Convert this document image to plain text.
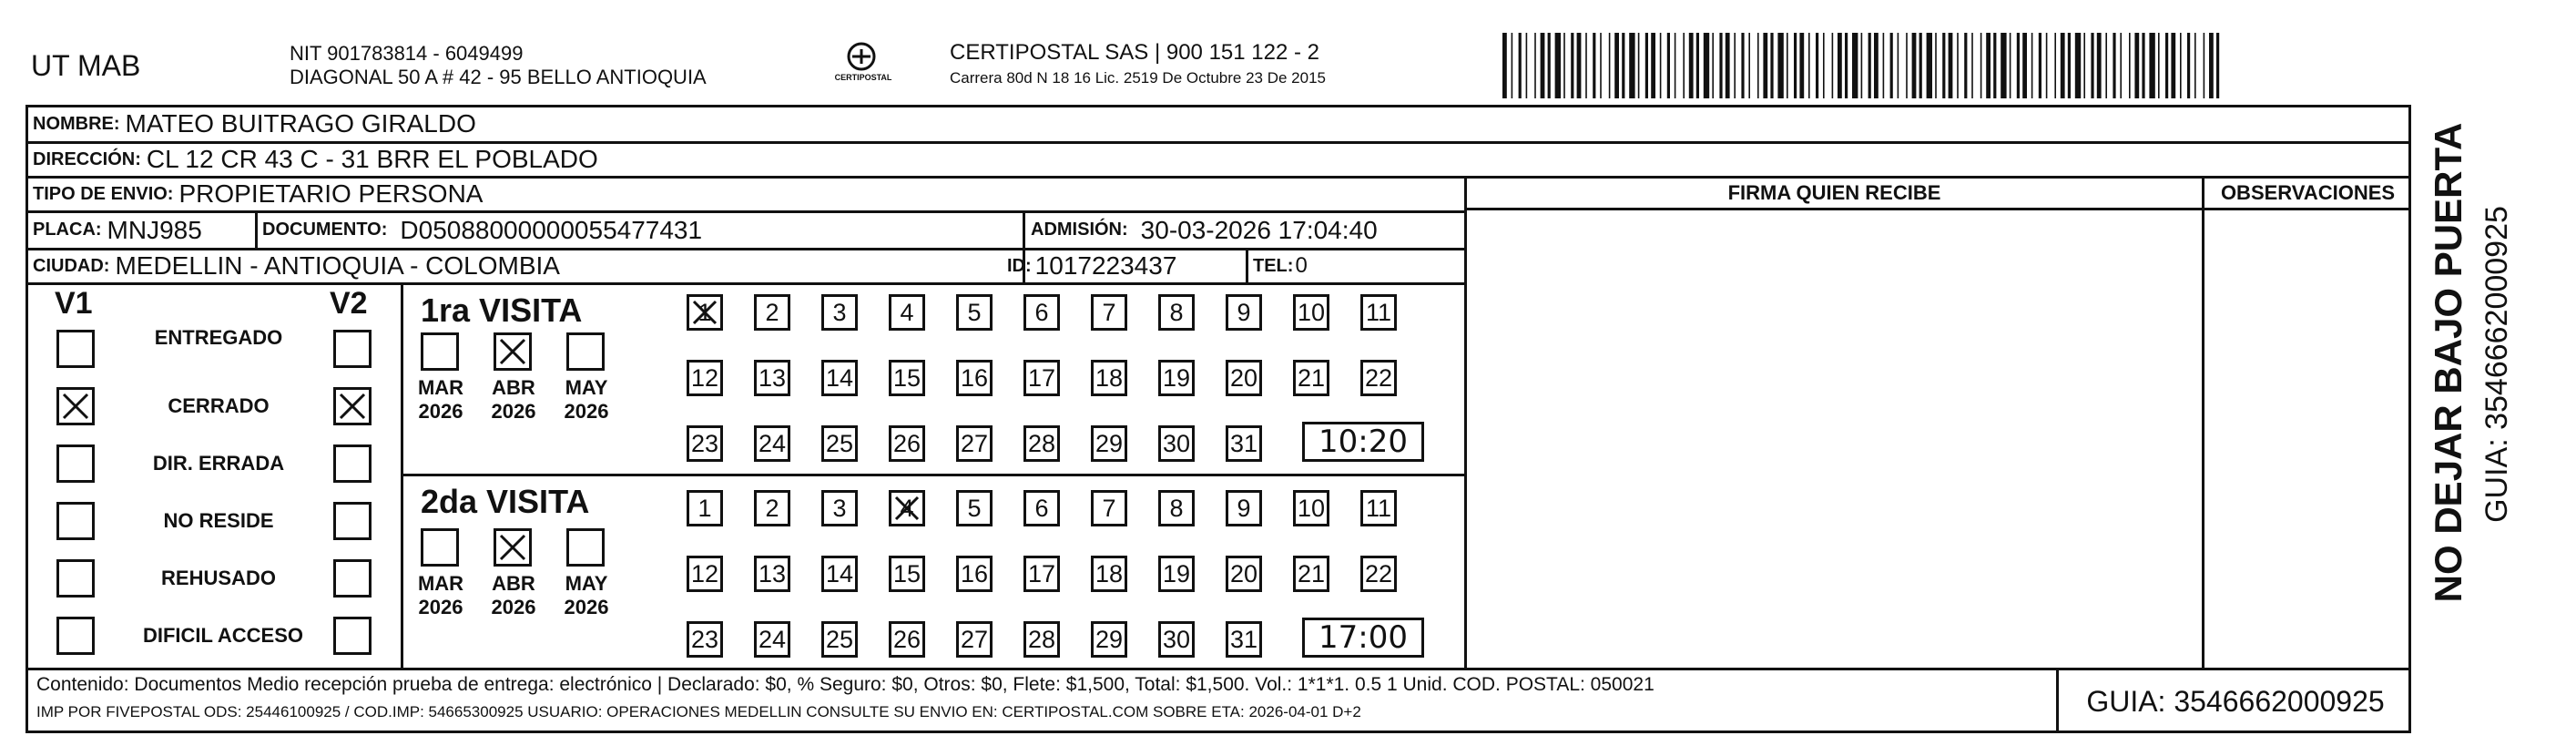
UT MAB	NIT 901783814 - 6049499
DIAGONAL 50 A # 42 - 95 BELLO ANTIOQUIA	CERTIPOSTAL
CERTIPOSTAL SAS | 900 151 122 - 2
Carrera 80d N 18 16 Lic. 2519 De Octubre 23 De 2015
NOMBRE: MATEO BUITRAGO GIRALDO
DIRECCIÓN: CL 12 CR 43 C - 31 BRR EL POBLADO
TIPO DE ENVIO: PROPIETARIO PERSONA	FIRMA QUIEN RECIBE	OBSERVACIONES
PLACA: MNJ985	DOCUMENTO: D05088000000055477431	ADMISIÓN: 30-03-2026 17:04:40
CIUDAD: MEDELLIN - ANTIOQUIA - COLOMBIA	ID: 1017223437	TEL: 0
V1	V2
ENTREGADO
CERRADO
DIR. ERRADA
NO RESIDE
REHUSADO
DIFICIL ACCESO
1ra VISITA
MAR
2026
ABR
2026
MAY
2026
1	2	3	4	5	6	7	8	9	10 11
12 13 14 15 16 17 18 19 20 21 22
23 24 25 26 27 28 29 30 31	10:20
2da VISITA
MAR
2026
ABR
2026
MAY
2026
1	2	3	4	5	6	7	8	9	10 11
12 13 14 15 16 17 18 19 20 21 22
23 24 25 26 27 28 29 30 31	17:00
Contenido: Documentos Medio recepción prueba de entrega: electrónico | Declarado: $0, % Seguro: $0, Otros: $0, Flete: $1,500, Total: $1,500. Vol.: 1*1*1. 0.5 1 Unid. COD. POSTAL: 050021
IMP POR FIVEPOSTAL ODS: 25446100925 / COD.IMP: 54665300925 USUARIO: OPERACIONES MEDELLIN CONSULTE SU ENVIO EN: CERTIPOSTAL.COM SOBRE ETA: 2026-04-01 D+2	GUIA: 3546662000925
NO DEJAR BAJO PUERTA GUIA: 3546662000925
